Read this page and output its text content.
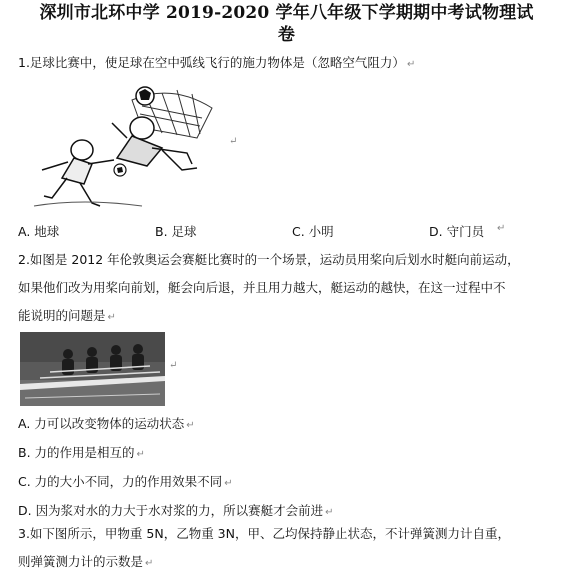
深圳市北环中学 2019-2020 学年八年级下学期期中考试物理试
卷
1.足球比赛中，使足球在空中弧线飞行的施力物体是（忽略空气阻力） ↵
↵
A. 地球	B. 足球	C. 小明	D. 守门员 ↵
2.如图是 2012 年伦敦奥运会赛艇比赛时的一个场景，运动员用桨向后划水时艇向前运动，
如果他们改为用桨向前划，艇会向后退，并且用力越大，艇运动的越快，在这一过程中不
能说明的问题是 ↵
↵
A. 力可以改变物体的运动状态 ↵
B. 力的作用是相互的 ↵
C. 力的大小不同，力的作用效果不同 ↵
D. 因为浆对水的力大于水对浆的力，所以赛艇才会前进 ↵
3.如下图所示，甲物重 5N，乙物重 3N，甲、乙均保持静止状态，不计弹簧测力计自重，
则弹簧测力计的示数是 ↵
